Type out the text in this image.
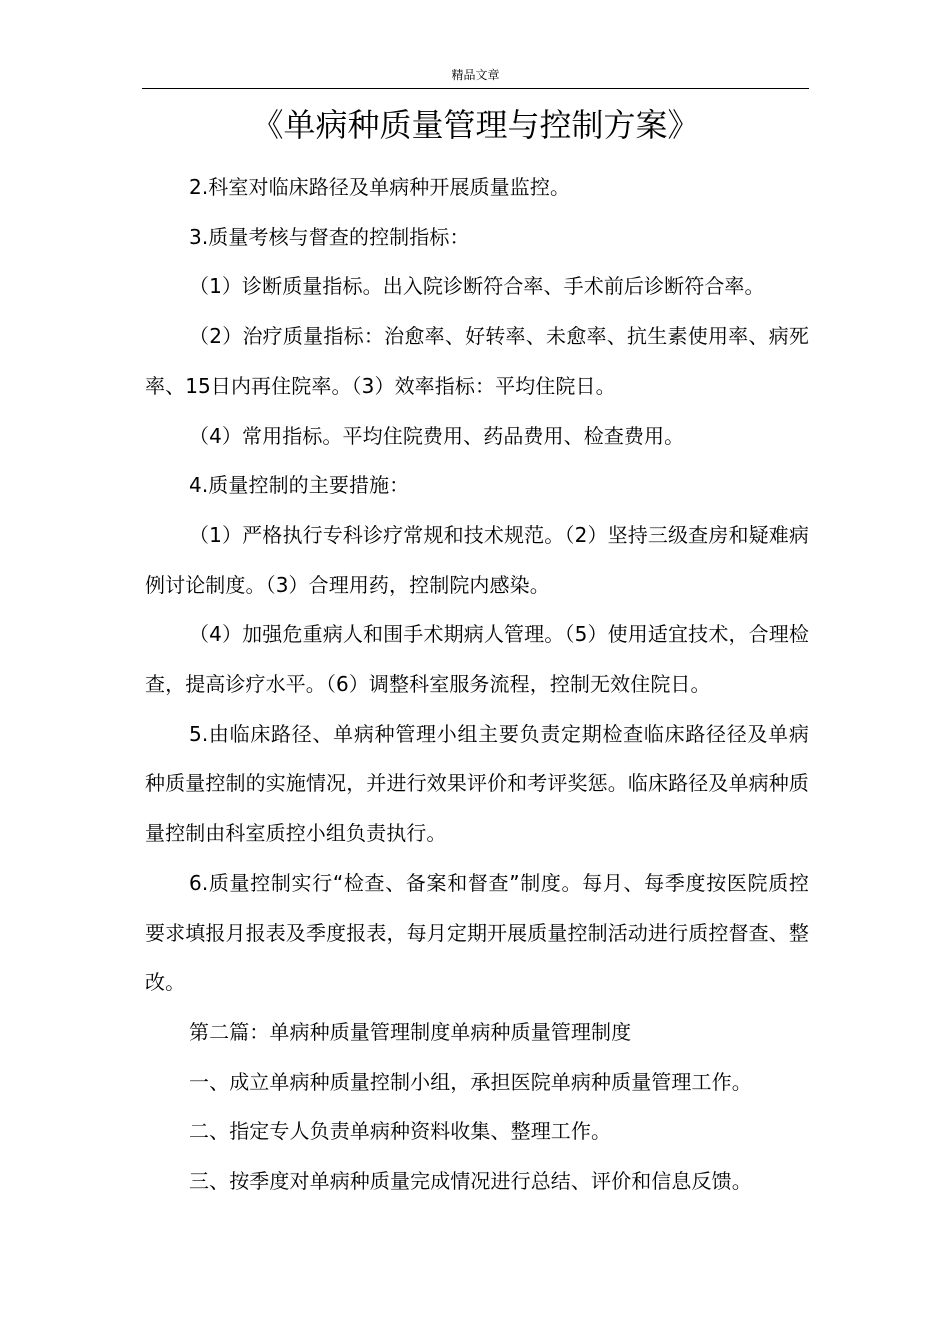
精品文章
《单病种质量管理与控制方案》

2.科室对临床路径及单病种开展质量监控。

3.质量考核与督查的控制指标：

（1）诊断质量指标。出入院诊断符合率、手术前后诊断符合率。

（2）治疗质量指标：治愈率、好转率、未愈率、抗生素使用率、病死率、15日内再住院率。（3）效率指标：平均住院日。

（4）常用指标。平均住院费用、药品费用、检查费用。

4.质量控制的主要措施：

（1）严格执行专科诊疗常规和技术规范。（2）坚持三级查房和疑难病例讨论制度。（3）合理用药，控制院内感染。

（4）加强危重病人和围手术期病人管理。（5）使用适宜技术，合理检查，提高诊疗水平。（6）调整科室服务流程，控制无效住院日。

5.由临床路径、单病种管理小组主要负责定期检查临床路径径及单病种质量控制的实施情况，并进行效果评价和考评奖惩。临床路径及单病种质量控制由科室质控小组负责执行。

6.质量控制实行“检查、备案和督查”制度。每月、每季度按医院质控要求填报月报表及季度报表，每月定期开展质量控制活动进行质控督查、整改。

第二篇：单病种质量管理制度单病种质量管理制度

一、成立单病种质量控制小组，承担医院单病种质量管理工作。

二、指定专人负责单病种资料收集、整理工作。

三、按季度对单病种质量完成情况进行总结、评价和信息反馈。
